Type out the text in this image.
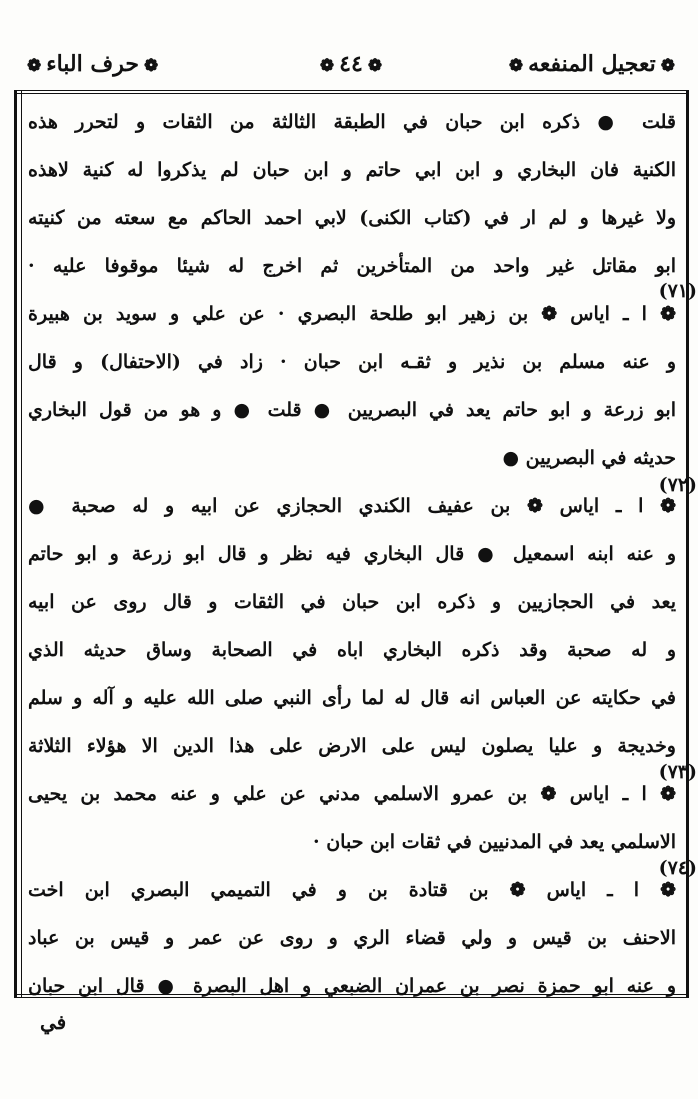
❁تعجيل المنفعه❁
❁٤٤❁
❁حرف الباء❁
قلت ● ذكره ابن حبان في الطبقة الثالثة من الثقات و لتحرر هذه
الكنية فان البخاري و ابن ابي حاتم و ابن حبان لم يذكروا له كنية لاهذه
ولا غيرها و لم ار في (كتاب الكنى) لابي احمد الحاكم مع سعته من كنيته
ابو مقاتل غير واحد من المتأخرين ثم اخرج له شيئا موقوفا عليه ·
❁ ا ـ اياس ❁ بن زهير ابو طلحة البصري · عن علي و سويد بن هبيرة
و عنه مسلم بن نذير و ثقـه ابن حبان · زاد في (الاحتفال) و قال
ابو زرعة و ابو حاتم يعد في البصريين ● قلت ● و هو من قول البخاري
حديثه في البصريين ●
❁ ا ـ اياس ❁ بن عفيف الكندي الحجازي عن ابيه و له صحبة ●
و عنه ابنه اسمعيل ● قال البخاري فيه نظر و قال ابو زرعة و ابو حاتم
يعد في الحجازيين و ذكره ابن حبان في الثقات و قال روى عن ابيه
و له صحبة وقد ذكره البخاري اباه في الصحابة وساق حديثه الذي
في حكايته عن العباس انه قال له لما رأى النبي صلى الله عليه و آله و سلم
وخديجة و عليا يصلون ليس على الارض على هذا الدين الا هؤلاء الثلاثة
❁ ا ـ اياس ❁ بن عمرو الاسلمي مدني عن علي و عنه محمد بن يحيى
الاسلمي يعد في المدنيين في ثقات ابن حبان ·
❁ ا ـ اياس ❁ بن قتادة بن و في التميمي البصري ابن اخت
الاحنف بن قيس و ولي قضاء الري و روى عن عمر و قيس بن عباد
و عنه ابو حمزة نصر بن عمران الضبعي و اهل البصرة ● قال ابن حبان
(٧١)
(٧٢)
(٧٣)
(٧٤)
في
